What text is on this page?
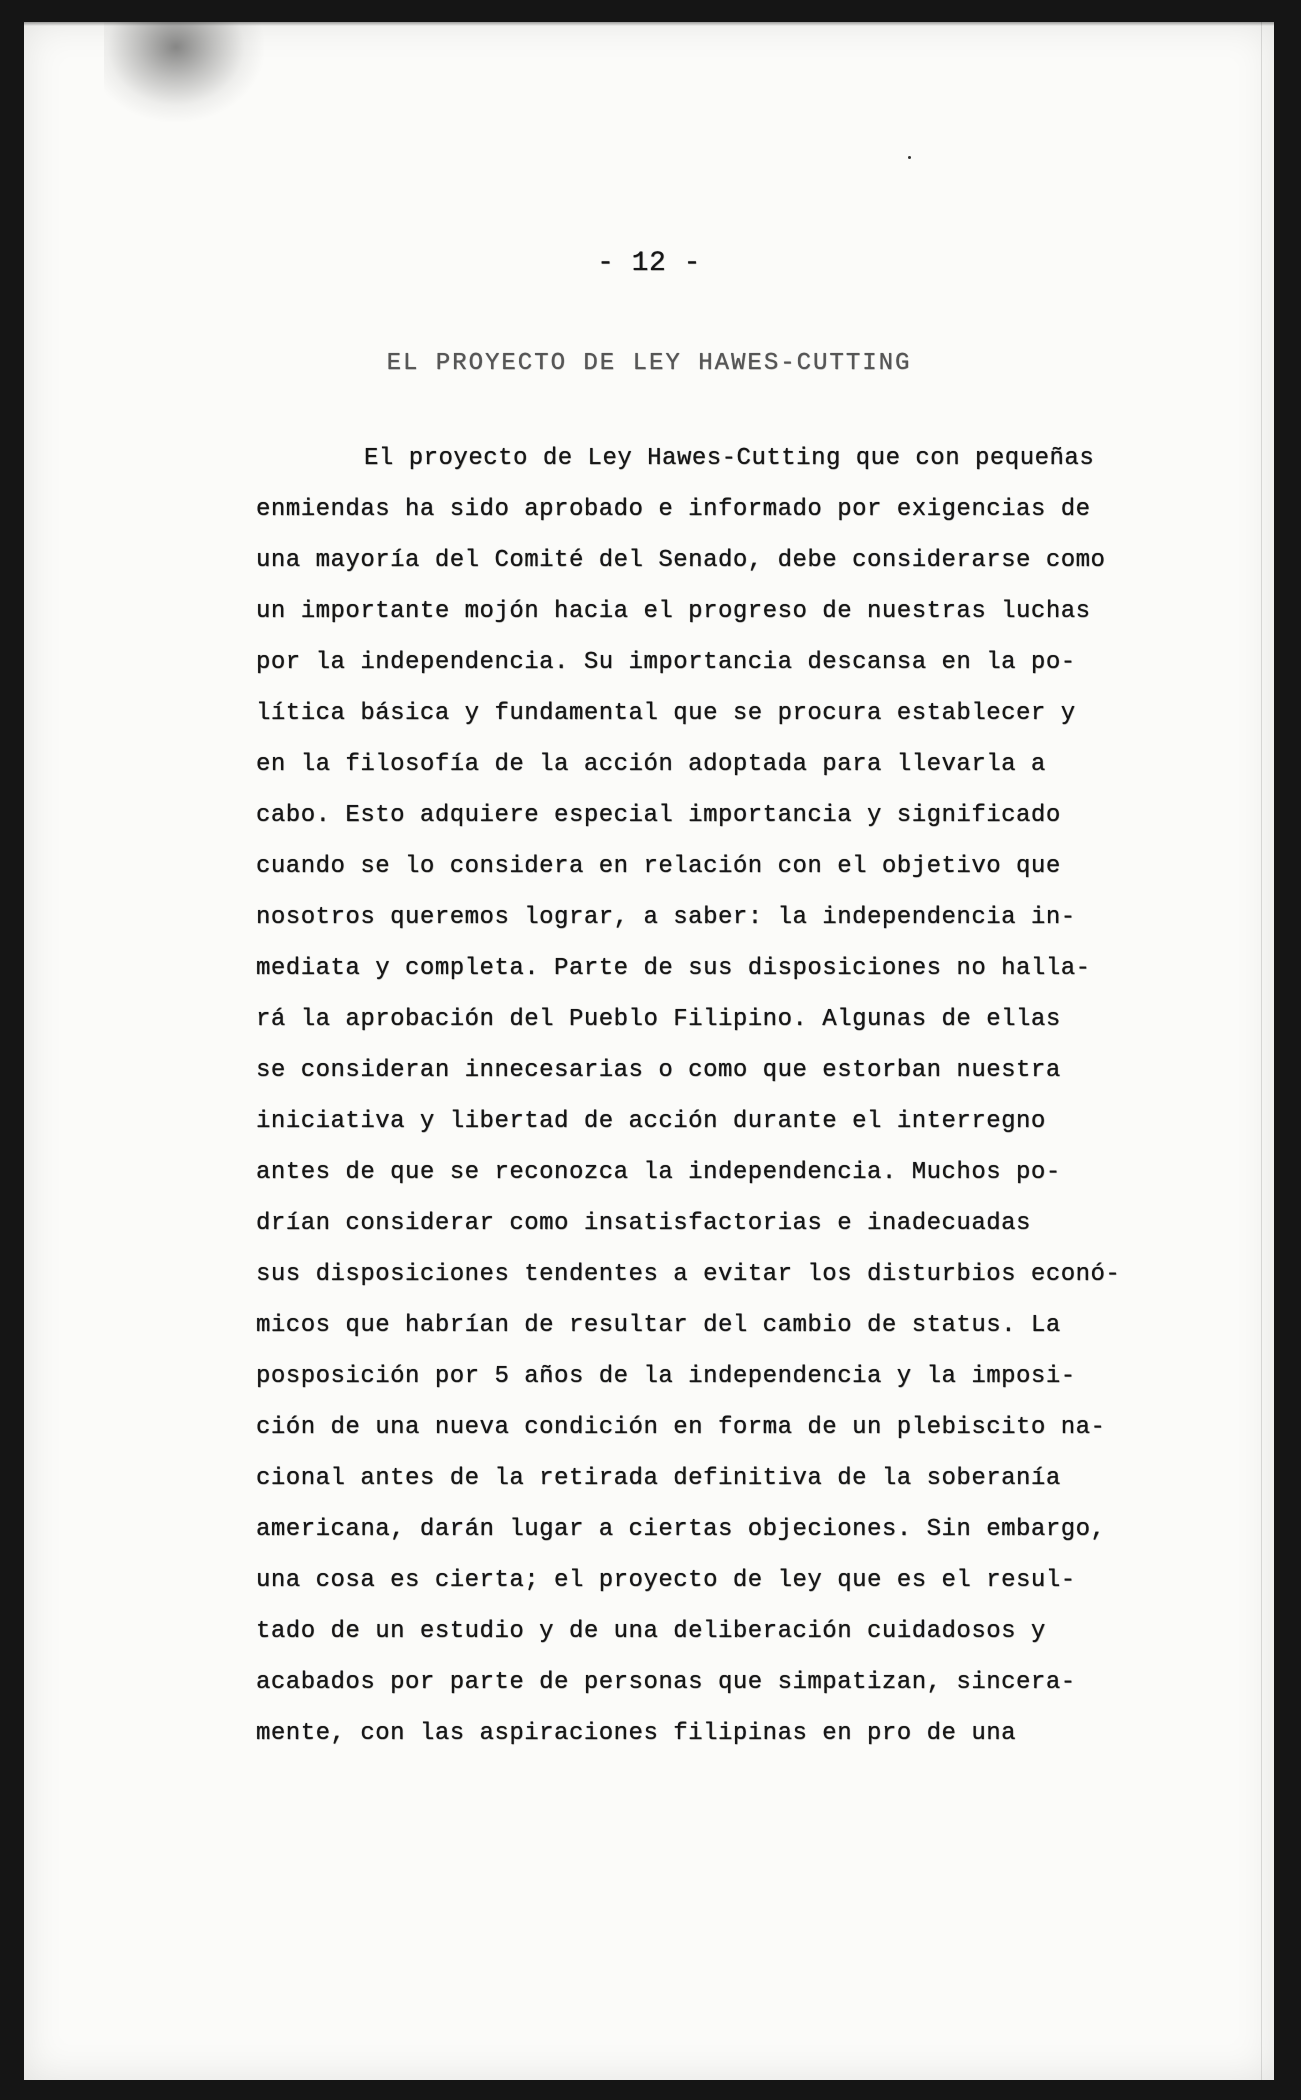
- 12 -
EL PROYECTO DE LEY HAWES-CUTTING
El proyecto de Ley Hawes-Cutting que con pequeñas
enmiendas ha sido aprobado e informado por exigencias de
una mayoría del Comité del Senado, debe considerarse como
un importante mojón hacia el progreso de nuestras luchas
por la independencia. Su importancia descansa en la po-
lítica básica y fundamental que se procura establecer y
en la filosofía de la acción adoptada para llevarla a
cabo. Esto adquiere especial importancia y significado
cuando se lo considera en relación con el objetivo que
nosotros queremos lograr, a saber: la independencia in-
mediata y completa. Parte de sus disposiciones no halla-
rá la aprobación del Pueblo Filipino. Algunas de ellas
se consideran innecesarias o como que estorban nuestra
iniciativa y libertad de acción durante el interregno
antes de que se reconozca la independencia. Muchos po-
drían considerar como insatisfactorias e inadecuadas
sus disposiciones tendentes a evitar los disturbios econó-
micos que habrían de resultar del cambio de status. La
posposición por 5 años de la independencia y la imposi-
ción de una nueva condición en forma de un plebiscito na-
cional antes de la retirada definitiva de la soberanía
americana, darán lugar a ciertas objeciones. Sin embargo,
una cosa es cierta; el proyecto de ley que es el resul-
tado de un estudio y de una deliberación cuidadosos y
acabados por parte de personas que simpatizan, sincera-
mente, con las aspiraciones filipinas en pro de una
